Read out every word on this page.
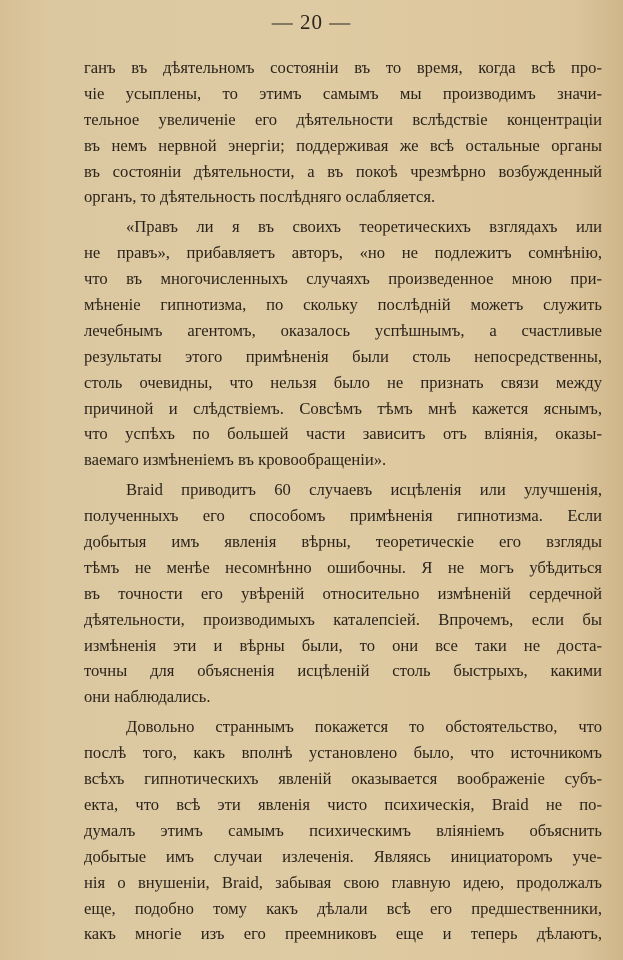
— 20 —
ганъ въ дѣятельномъ состоянiи въ то время, когда всѣ про-
чiе усыплены, то этимъ самымъ мы производимъ значи-
тельное увеличенiе его дѣятельности вслѣдствiе концентрацiи
въ немъ нервной энергiи; поддерживая же всѣ остальные органы
въ состоянiи дѣятельности, а въ покоѣ чрезмѣрно возбужденный
органъ, то дѣятельность послѣдняго ослабляется.
«Правъ ли я въ своихъ теоретическихъ взглядахъ или
не правъ», прибавляетъ авторъ, «но не подлежитъ сомнѣнiю,
что въ многочисленныхъ случаяхъ произведенное мною при-
мѣненiе гипнотизма, по скольку послѣднiй можетъ служить
лечебнымъ агентомъ, оказалось успѣшнымъ, а счастливые
результаты этого примѣненiя были столь непосредственны,
столь очевидны, что нельзя было не признать связи между
причиной и слѣдствiемъ. Совсѣмъ тѣмъ мнѣ кажется яснымъ,
что успѣхъ по большей части зависитъ отъ влiянiя, оказы-
ваемаго измѣненiемъ въ кровообращенiи».
Braid приводитъ 60 случаевъ исцѣленiя или улучшенiя,
полученныхъ его способомъ примѣненiя гипнотизма. Если
добытыя имъ явленiя вѣрны, теоретическiе его взгляды
тѣмъ не менѣе несомнѣнно ошибочны. Я не могъ убѣдиться
въ точности его увѣренiй относительно измѣненiй сердечной
дѣятельности, производимыхъ каталепсiей. Впрочемъ, если бы
измѣненiя эти и вѣрны были, то они все таки не доста-
точны для объясненiя исцѣленiй столь быстрыхъ, какими
они наблюдались.
Довольно страннымъ покажется то обстоятельство, что
послѣ того, какъ вполнѣ установлено было, что источникомъ
всѣхъ гипнотическихъ явленiй оказывается воображенiе субъ-
екта, что всѣ эти явленiя чисто психическiя, Braid не по-
думалъ этимъ самымъ психическимъ влiянiемъ объяснить
добытые имъ случаи излеченiя. Являясь инициаторомъ уче-
нiя о внушенiи, Braid, забывая свою главную идею, продолжалъ
еще, подобно тому какъ дѣлали всѣ его предшественники,
какъ многiе изъ его преемниковъ еще и теперь дѣлаютъ,
